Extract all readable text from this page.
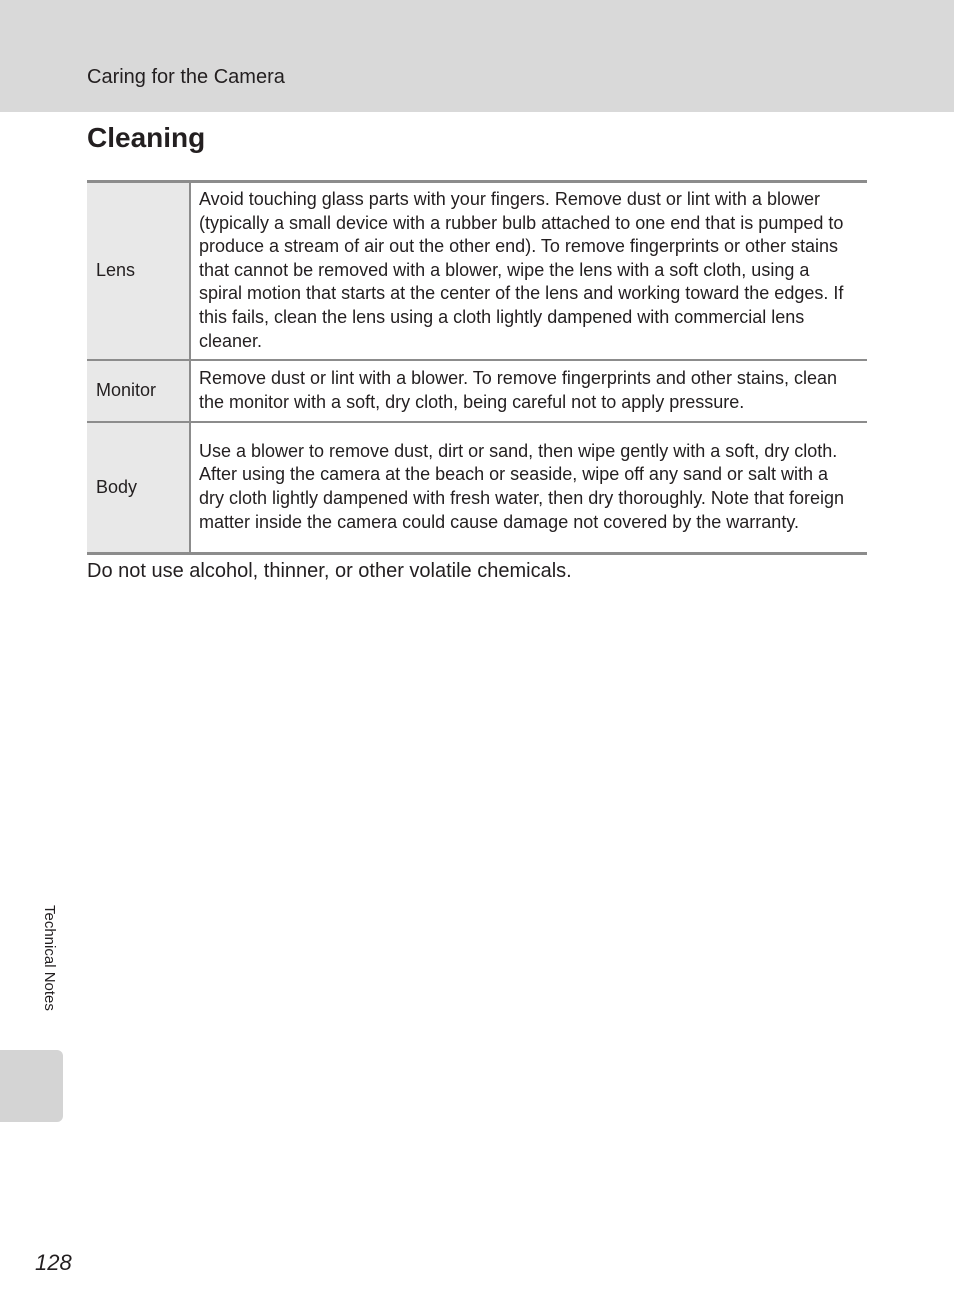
Caring for the Camera
Cleaning
Lens	Avoid touching glass parts with your fingers. Remove dust or lint with a blower (typically a small device with a rubber bulb attached to one end that is pumped to produce a stream of air out the other end). To remove fingerprints or other stains that cannot be removed with a blower, wipe the lens with a soft cloth, using a spiral motion that starts at the center of the lens and working toward the edges. If this fails, clean the lens using a cloth lightly dampened with commercial lens cleaner.
Monitor	Remove dust or lint with a blower. To remove fingerprints and other stains, clean the monitor with a soft, dry cloth, being careful not to apply pressure.
Body	Use a blower to remove dust, dirt or sand, then wipe gently with a soft, dry cloth. After using the camera at the beach or seaside, wipe off any sand or salt with a dry cloth lightly dampened with fresh water, then dry thoroughly. Note that foreign matter inside the camera could cause damage not covered by the warranty.
Do not use alcohol, thinner, or other volatile chemicals.
Technical Notes
128
